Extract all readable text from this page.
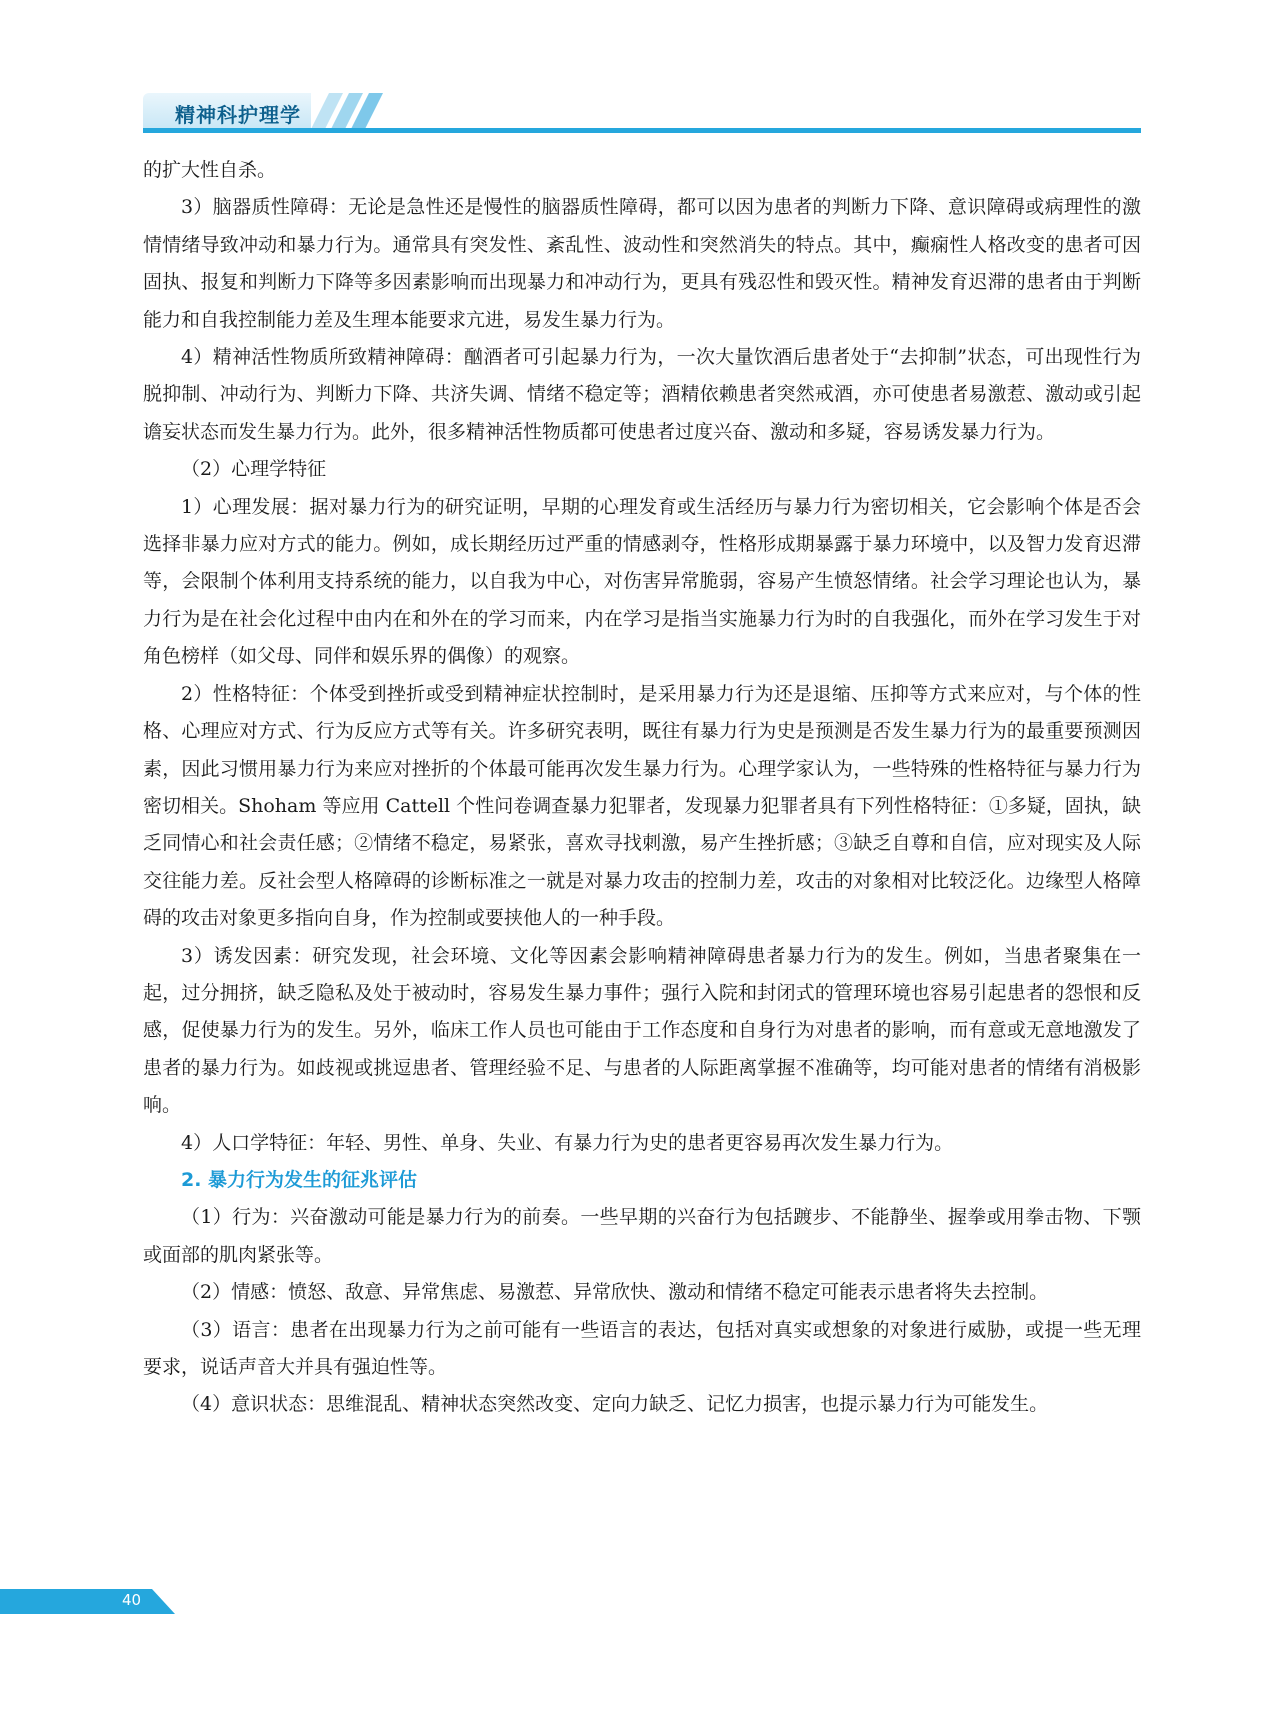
精神科护理学

的扩大性自杀。

3）脑器质性障碍：无论是急性还是慢性的脑器质性障碍，都可以因为患者的判断力下降、意识障碍或病理性的激情情绪导致冲动和暴力行为。通常具有突发性、紊乱性、波动性和突然消失的特点。其中，癫痫性人格改变的患者可因固执、报复和判断力下降等多因素影响而出现暴力和冲动行为，更具有残忍性和毁灭性。精神发育迟滞的患者由于判断能力和自我控制能力差及生理本能要求亢进，易发生暴力行为。

4）精神活性物质所致精神障碍：酗酒者可引起暴力行为，一次大量饮酒后患者处于“去抑制”状态，可出现性行为脱抑制、冲动行为、判断力下降、共济失调、情绪不稳定等；酒精依赖患者突然戒酒，亦可使患者易激惹、激动或引起谵妄状态而发生暴力行为。此外，很多精神活性物质都可使患者过度兴奋、激动和多疑，容易诱发暴力行为。

（2）心理学特征

1）心理发展：据对暴力行为的研究证明，早期的心理发育或生活经历与暴力行为密切相关，它会影响个体是否会选择非暴力应对方式的能力。例如，成长期经历过严重的情感剥夺，性格形成期暴露于暴力环境中，以及智力发育迟滞等，会限制个体利用支持系统的能力，以自我为中心，对伤害异常脆弱，容易产生愤怒情绪。社会学习理论也认为，暴力行为是在社会化过程中由内在和外在的学习而来，内在学习是指当实施暴力行为时的自我强化，而外在学习发生于对角色榜样（如父母、同伴和娱乐界的偶像）的观察。

2）性格特征：个体受到挫折或受到精神症状控制时，是采用暴力行为还是退缩、压抑等方式来应对，与个体的性格、心理应对方式、行为反应方式等有关。许多研究表明，既往有暴力行为史是预测是否发生暴力行为的最重要预测因素，因此习惯用暴力行为来应对挫折的个体最可能再次发生暴力行为。心理学家认为，一些特殊的性格特征与暴力行为密切相关。Shoham 等应用 Cattell 个性问卷调查暴力犯罪者，发现暴力犯罪者具有下列性格特征：①多疑，固执，缺乏同情心和社会责任感；②情绪不稳定，易紧张，喜欢寻找刺激，易产生挫折感；③缺乏自尊和自信，应对现实及人际交往能力差。反社会型人格障碍的诊断标准之一就是对暴力攻击的控制力差，攻击的对象相对比较泛化。边缘型人格障碍的攻击对象更多指向自身，作为控制或要挟他人的一种手段。

3）诱发因素：研究发现，社会环境、文化等因素会影响精神障碍患者暴力行为的发生。例如，当患者聚集在一起，过分拥挤，缺乏隐私及处于被动时，容易发生暴力事件；强行入院和封闭式的管理环境也容易引起患者的怨恨和反感，促使暴力行为的发生。另外，临床工作人员也可能由于工作态度和自身行为对患者的影响，而有意或无意地激发了患者的暴力行为。如歧视或挑逗患者、管理经验不足、与患者的人际距离掌握不准确等，均可能对患者的情绪有消极影响。

4）人口学特征：年轻、男性、单身、失业、有暴力行为史的患者更容易再次发生暴力行为。

2. 暴力行为发生的征兆评估

（1）行为：兴奋激动可能是暴力行为的前奏。一些早期的兴奋行为包括踱步、不能静坐、握拳或用拳击物、下颚或面部的肌肉紧张等。

（2）情感：愤怒、敌意、异常焦虑、易激惹、异常欣快、激动和情绪不稳定可能表示患者将失去控制。

（3）语言：患者在出现暴力行为之前可能有一些语言的表达，包括对真实或想象的对象进行威胁，或提一些无理要求，说话声音大并具有强迫性等。

（4）意识状态：思维混乱、精神状态突然改变、定向力缺乏、记忆力损害，也提示暴力行为可能发生。

40
